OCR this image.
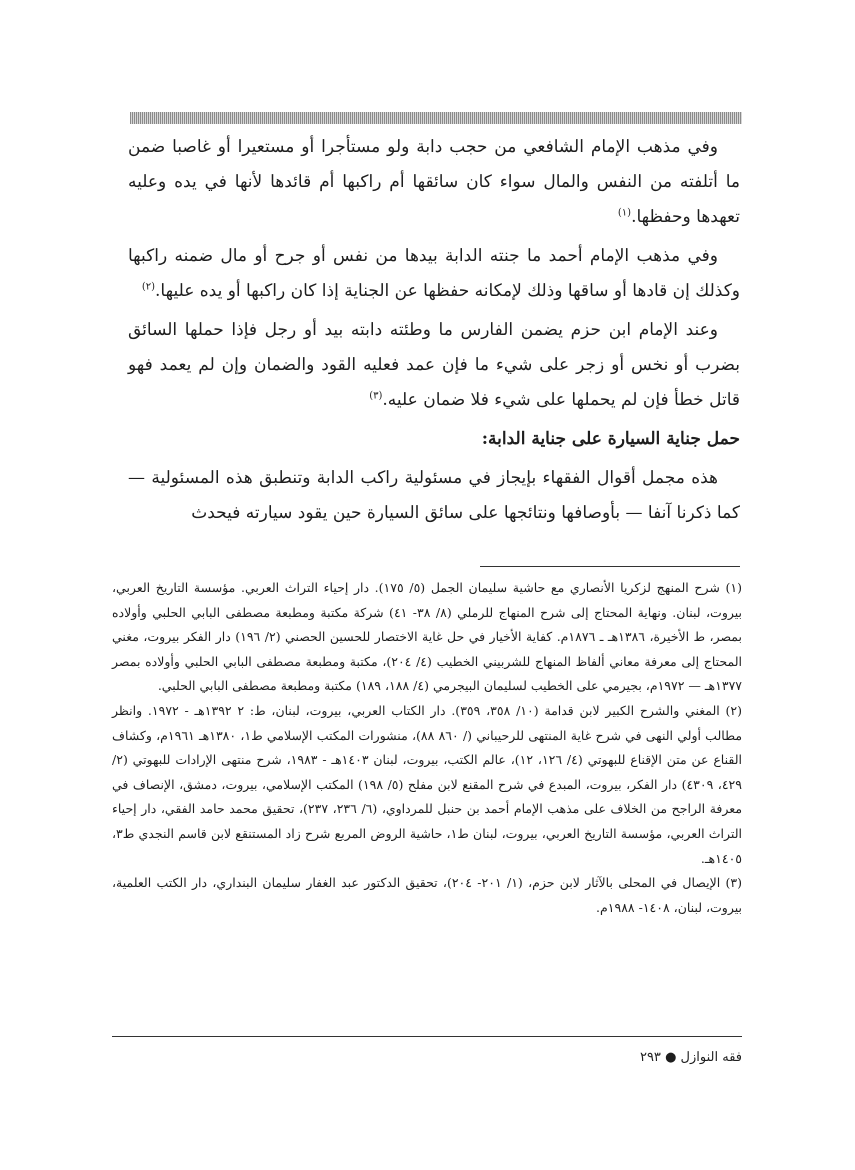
وفي مذهب الإمام الشافعي من حجب دابة ولو مستأجرا أو مستعيرا أو غاصبا ضمن ما أتلفته من النفس والمال سواء كان سائقها أم راكبها أم قائدها لأنها في يده وعليه تعهدها وحفظها.$^{(١)}$

وفي مذهب الإمام أحمد ما جنته الدابة بيدها من نفس أو جرح أو مال ضمنه راكبها وكذلك إن قادها أو ساقها وذلك لإمكانه حفظها عن الجناية إذا كان راكبها أو يده عليها.$^{(٢)}$

وعند الإمام ابن حزم يضمن الفارس ما وطئته دابته بيد أو رجل فإذا حملها السائق بضرب أو نخس أو زجر على شيء ما فإن عمد فعليه القود والضمان وإن لم يعمد فهو قاتل خطأ فإن لم يحملها على شيء فلا ضمان عليه.$^{(٣)}$

حمل جناية السيارة على جناية الدابة:

هذه مجمل أقوال الفقهاء بإيجاز في مسئولية راكب الدابة وتنطبق هذه المسئولية — كما ذكرنا آنفا — بأوصافها ونتائجها على سائق السيارة حين يقود سيارته فيحدث

(١) شرح المنهج لزكريا الأنصاري مع حاشية سليمان الجمل (٥/ ١٧٥). دار إحياء التراث العربي. مؤسسة التاريخ العربي، بيروت، لبنان. ونهاية المحتاج إلى شرح المنهاج للرملي (٨/ ٣٨- ٤١) شركة مكتبة ومطبعة مصطفى البابي الحلبي وأولاده بمصر، ط الأخيرة، ١٣٨٦هـ ـ ١٨٧٦م. كفاية الأخيار في حل غاية الاختصار للحسين الحصني (٢/ ١٩٦) دار الفكر بيروت، مغني المحتاج إلى معرفة معاني ألفاظ المنهاج للشربيني الخطيب (٤/ ٢٠٤)، مكتبة ومطبعة مصطفى البابي الحلبي وأولاده بمصر ١٣٧٧هـ — ١٩٧٢م، بجيرمي على الخطيب لسليمان البيجرمي (٤/ ١٨٨، ١٨٩) مكتبة ومطبعة مصطفى البابي الحلبي.

(٢) المغني والشرح الكبير لابن قدامة (١٠/ ٣٥٨، ٣٥٩). دار الكتاب العربي، بيروت، لبنان، ط: ٢ ١٣٩٢هـ - ١٩٧٢. وانظر مطالب أولي النهى في شرح غاية المنتهى للرحيباني (/ ٨٦٠ ٨٨)، منشورات المكتب الإسلامي ط١، ١٣٨٠هـ ١٩٦١م، وكشاف القناع عن متن الإقناع للبهوتي (٤/ ١٢٦، ١٢)، عالم الكتب، بيروت، لبنان ١٤٠٣هـ - ١٩٨٣، شرح منتهى الإرادات للبهوتي (٢/ ٤٢٩، ٤٣٠٩) دار الفكر، بيروت، المبدع في شرح المقنع لابن مفلح (٥/ ١٩٨) المكتب الإسلامي، بيروت، دمشق، الإنصاف في معرفة الراجح من الخلاف على مذهب الإمام أحمد بن حنبل للمرداوي، (٦/ ٢٣٦، ٢٣٧)، تحقيق محمد حامد الفقي، دار إحياء التراث العربي، مؤسسة التاريخ العربي، بيروت، لبنان ط١، حاشية الروض المربع شرح زاد المستنقع لابن قاسم النجدي ط٣، ١٤٠٥هـ.

(٣) الإيصال في المحلى بالآثار لابن حزم، (١/ ٢٠١- ٢٠٤)، تحقيق الدكتور عبد الغفار سليمان البنداري، دار الكتب العلمية، بيروت، لبنان، ١٤٠٨- ١٩٨٨م.

فقه النوازل ● ٢٩٣
